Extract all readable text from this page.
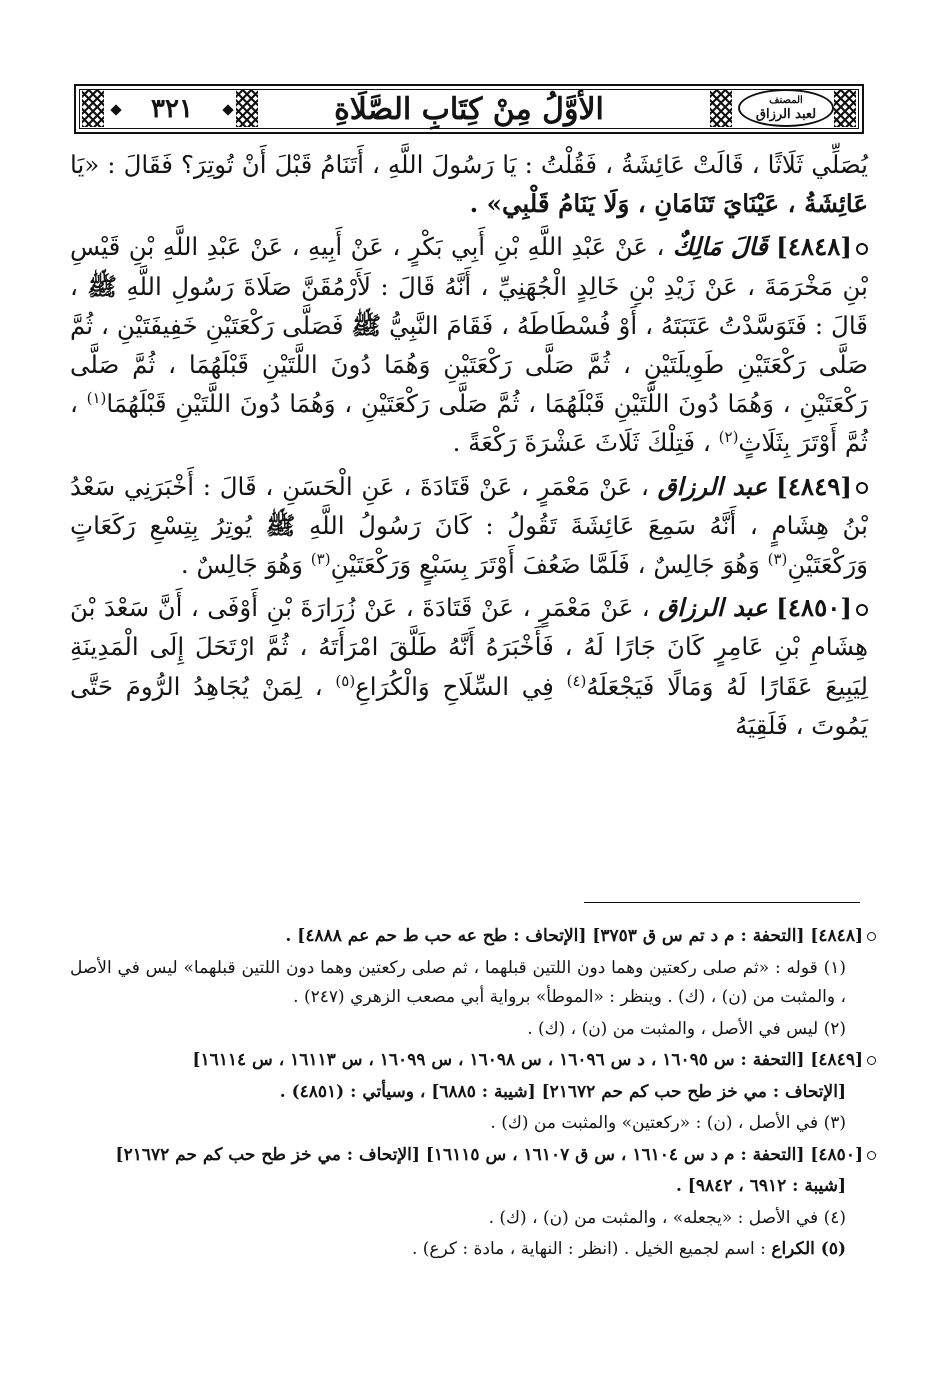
٣٢١	الأوَّلُ مِنْ كِتَابِ الصَّلَاةِ	المصنف
لعبد الرزاق

يُصَلِّي ثَلَاثًا ، قَالَتْ عَائِشَةُ ، فَقُلْتُ : يَا رَسُولَ اللَّهِ ، أَتَنَامُ قَبْلَ أَنْ تُوتِرَ؟ فَقَالَ : «يَا عَائِشَةُ ، عَيْنَايَ تَنَامَانِ ، وَلَا يَنَامُ قَلْبِي» .

[٤٨٤٨] قَالَ مَالِكٌ ، عَنْ عَبْدِ اللَّهِ بْنِ أَبِي بَكْرٍ ، عَنْ أَبِيهِ ، عَنْ عَبْدِ اللَّهِ بْنِ قَيْسِ بْنِ مَخْرَمَةَ ، عَنْ زَيْدِ بْنِ خَالِدٍ الْجُهَنِيِّ ، أَنَّهُ قَالَ : لَأَرْمُقَنَّ صَلَاةَ رَسُولِ اللَّهِ ﷺ ، قَالَ : فَتَوَسَّدْتُ عَتَبَتَهُ ، أَوْ فُسْطَاطَهُ ، فَقَامَ النَّبِيُّ ﷺ فَصَلَّى رَكْعَتَيْنِ خَفِيفَتَيْنِ ، ثُمَّ صَلَّى رَكْعَتَيْنِ طَوِيلَتَيْنِ ، ثُمَّ صَلَّى رَكْعَتَيْنِ وَهُمَا دُونَ اللَّتَيْنِ قَبْلَهُمَا ، ثُمَّ صَلَّى رَكْعَتَيْنِ ، وَهُمَا دُونَ اللَّتَيْنِ قَبْلَهُمَا ، ثُمَّ صَلَّى رَكْعَتَيْنِ ، وَهُمَا دُونَ اللَّتَيْنِ قَبْلَهُمَا$^{(١)}$ ، ثُمَّ أَوْتَرَ بِثَلَاثٍ$^{(٢)}$ ، فَتِلْكَ ثَلَاثَ عَشْرَةَ رَكْعَةً .

[٤٨٤٩] عبد الرزاق ، عَنْ مَعْمَرٍ ، عَنْ قَتَادَةَ ، عَنِ الْحَسَنِ ، قَالَ : أَخْبَرَنِي سَعْدُ بْنُ هِشَامٍ ، أَنَّهُ سَمِعَ عَائِشَةَ تَقُولُ : كَانَ رَسُولُ اللَّهِ ﷺ يُوتِرُ بِتِسْعِ رَكَعَاتٍ وَرَكْعَتَيْنِ$^{(٣)}$ وَهُوَ جَالِسٌ ، فَلَمَّا ضَعُفَ أَوْتَرَ بِسَبْعٍ وَرَكْعَتَيْنِ$^{(٣)}$ وَهُوَ جَالِسٌ .

[٤٨٥٠] عبد الرزاق ، عَنْ مَعْمَرٍ ، عَنْ قَتَادَةَ ، عَنْ زُرَارَةَ بْنِ أَوْفَى ، أَنَّ سَعْدَ بْنَ هِشَامِ بْنِ عَامِرٍ كَانَ جَارًا لَهُ ، فَأَخْبَرَهُ أَنَّهُ طَلَّقَ امْرَأَتَهُ ، ثُمَّ ارْتَحَلَ إِلَى الْمَدِينَةِ لِيَبِيعَ عَقَارًا لَهُ وَمَالًا فَيَجْعَلَهُ$^{(٤)}$ فِي السِّلَاحِ وَالْكُرَاعِ$^{(٥)}$ ، لِمَنْ يُجَاهِدُ الرُّومَ حَتَّى يَمُوتَ ، فَلَقِيَهُ

[٤٨٤٨] [التحفة : م د تم س ق ٣٧٥٣] [الإتحاف : طح عه حب ط حم عم ٤٨٨٨] .

(١) قوله : «ثم صلى ركعتين وهما دون اللتين قبلهما ، ثم صلى ركعتين وهما دون اللتين قبلهما» ليس في الأصل ، والمثبت من (ن) ، (ك) . وينظر : «الموطأ» برواية أبي مصعب الزهري (٢٤٧) .

(٢) ليس في الأصل ، والمثبت من (ن) ، (ك) .

[٤٨٤٩] [التحفة : س ١٦٠٩٥ ، د س ١٦٠٩٦ ، س ١٦٠٩٨ ، س ١٦٠٩٩ ، س ١٦١١٣ ، س ١٦١١٤]

[الإتحاف : مي خز طح حب كم حم ٢١٦٧٢] [شيبة : ٦٨٨٥] ، وسيأتي : (٤٨٥١) .

(٣) في الأصل ، (ن) : «ركعتين» والمثبت من (ك) .

[٤٨٥٠] [التحفة : م د س ١٦١٠٤ ، س ق ١٦١٠٧ ، س ١٦١١٥] [الإتحاف : مي خز طح حب كم حم ٢١٦٧٢]

[شيبة : ٦٩١٢ ، ٩٨٤٢] .

(٤) في الأصل : «يجعله» ، والمثبت من (ن) ، (ك) .

(٥) الكراع : اسم لجميع الخيل . (انظر : النهاية ، مادة : كرع) .
